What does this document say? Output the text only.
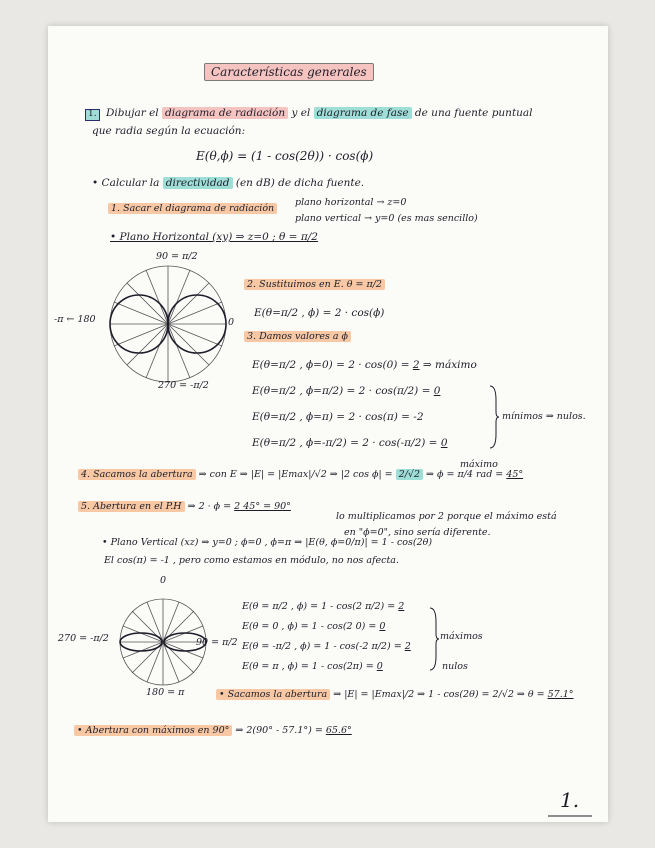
Características generales
1. Dibujar el diagrama de radiación y el diagrama de fase de una fuente puntual
que radia según la ecuación:
E(θ,ϕ) = (1 - cos(2θ)) · cos(ϕ)
• Calcular la directividad (en dB) de dicha fuente.
1. Sacar el diagrama de radiación
plano horizontal → z=0
plano vertical → y=0 (es mas sencillo)
• Plano Horizontal (xy) ⇒ z=0 ; θ = π/2
90 = π/2
-π ← 180	0
270 = -π/2
2. Sustituimos en E. θ = π/2
E(θ=π/2 , ϕ) = 2 · cos(ϕ)
3. Damos valores a ϕ
E(θ=π/2 , ϕ=0) = 2 · cos(0) = 2 ⇒ máximo
E(θ=π/2 , ϕ=π/2) = 2 · cos(π/2) = 0
E(θ=π/2 , ϕ=π) = 2 · cos(π) = -2
E(θ=π/2 , ϕ=-π/2) = 2 · cos(-π/2) = 0
mínimos ⇒ nulos.
4. Sacamos la abertura ⇒ con E ⇒ |E| = |Emax|/√2 ⇒ |2 cos ϕ| = 2/√2 ⇒ ϕ = π/4 rad = 45°
máximo
5. Abertura en el P.H ⇒ 2 · ϕ = 2 45° = 90°
lo multiplicamos por 2 porque el máximo está
en "ϕ=0", sino sería diferente.
• Plano Vertical (xz) ⇒ y=0 ; ϕ=0 , ϕ=π ⇒ |E(θ, ϕ=0/π)| = 1 - cos(2θ)
El cos(π) = -1 , pero como estamos en módulo, no nos afecta.
0
270 = -π/2	90 = π/2
180 = π
E(θ = π/2 , ϕ) = 1 - cos(2 π/2) = 2
E(θ = 0 , ϕ) = 1 - cos(2 0) = 0
E(θ = -π/2 , ϕ) = 1 - cos(-2 π/2) = 2
E(θ = π , ϕ) = 1 - cos(2π) = 0
máximos
nulos
• Sacamos la abertura ⇒ |E| = |Emax|/2 ⇒ 1 - cos(2θ) = 2/√2 ⇒ θ = 57.1°
• Abertura con máximos en 90° ⇒ 2(90° - 57.1°) = 65.6°
1.
